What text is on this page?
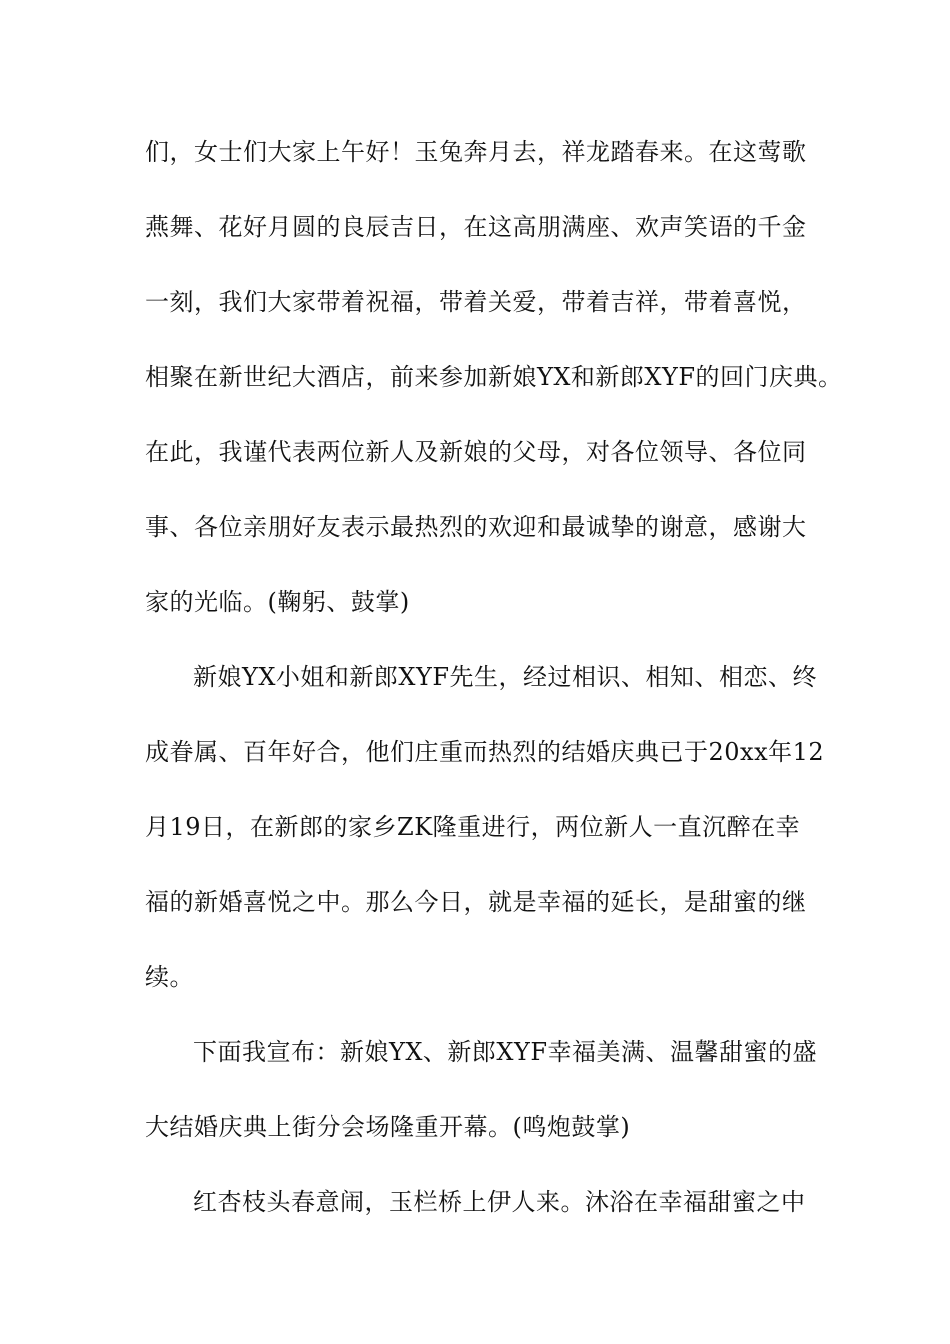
们，女士们大家上午好！玉兔奔月去，祥龙踏春来。在这莺歌
燕舞、花好月圆的良辰吉日，在这高朋满座、欢声笑语的千金
一刻，我们大家带着祝福，带着关爱，带着吉祥，带着喜悦，
相聚在新世纪大酒店，前来参加新娘YX和新郎XYF的回门庆典。
在此，我谨代表两位新人及新娘的父母，对各位领导、各位同
事、各位亲朋好友表示最热烈的欢迎和最诚挚的谢意，感谢大
家的光临。(鞠躬、鼓掌)
新娘YX小姐和新郎XYF先生，经过相识、相知、相恋、终
成眷属、百年好合，他们庄重而热烈的结婚庆典已于20xx年12
月19日，在新郎的家乡ZK隆重进行，两位新人一直沉醉在幸
福的新婚喜悦之中。那么今日，就是幸福的延长，是甜蜜的继
续。
下面我宣布：新娘YX、新郎XYF幸福美满、温馨甜蜜的盛
大结婚庆典上街分会场隆重开幕。(鸣炮鼓掌)
红杏枝头春意闹，玉栏桥上伊人来。沐浴在幸福甜蜜之中
